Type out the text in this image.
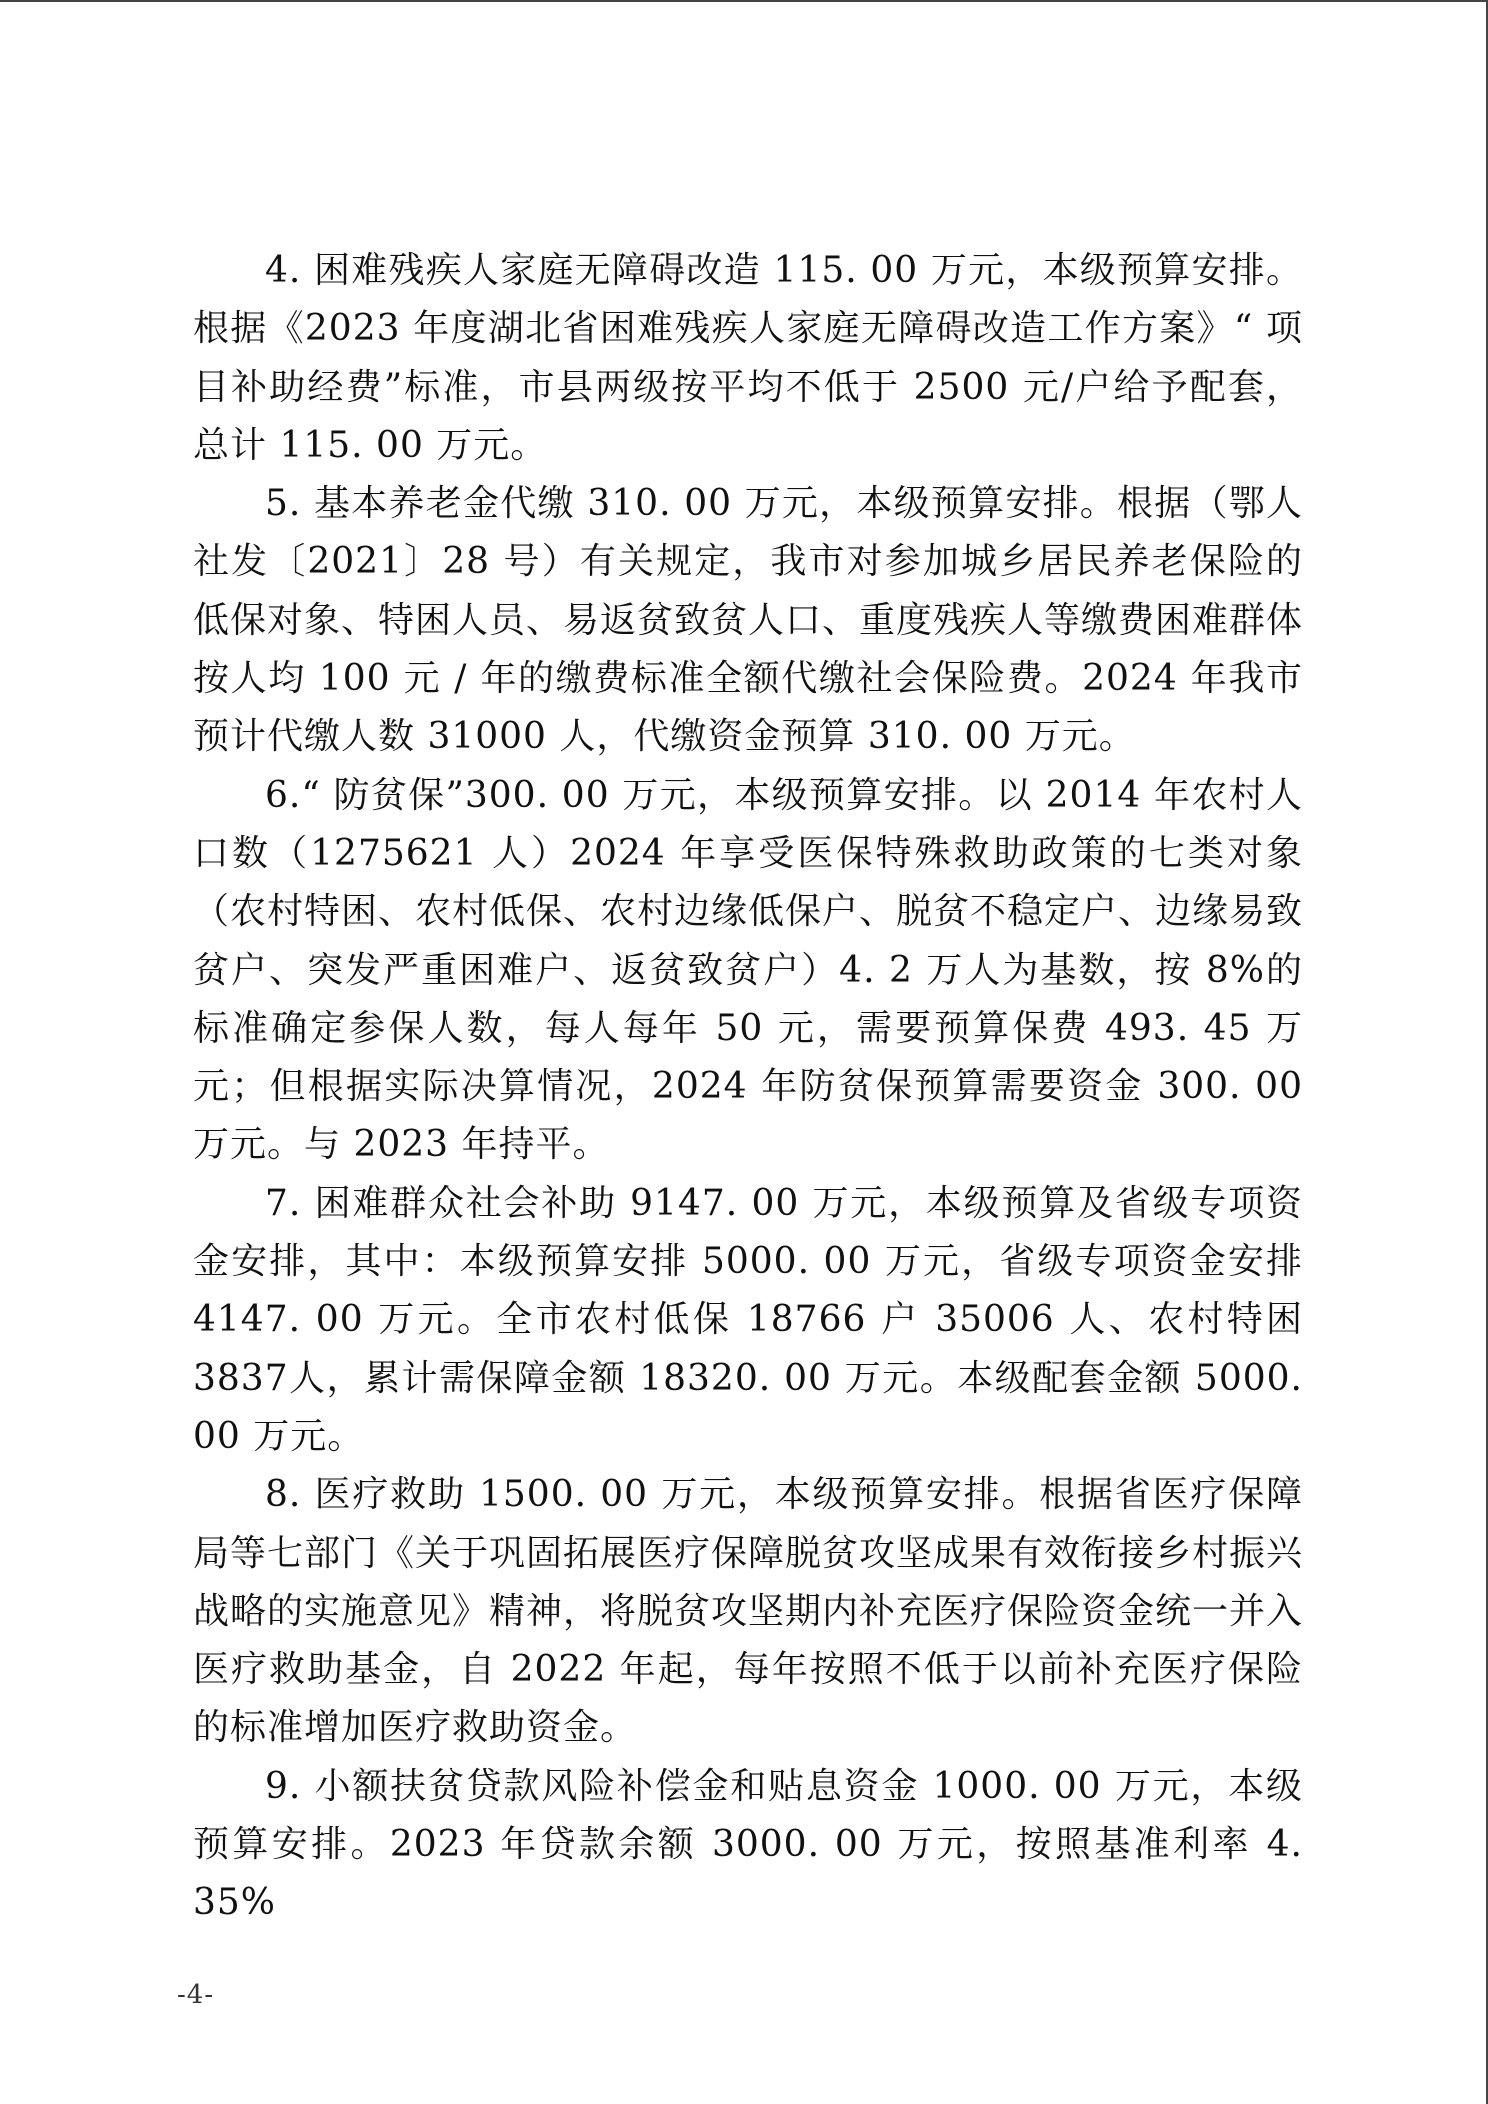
4. 困难残疾人家庭无障碍改造 115. 00 万元，本级预算安排。根据《2023 年度湖北省困难残疾人家庭无障碍改造工作方案》“ 项目补助经费”标准，市县两级按平均不低于 2500 元/户给予配套，总计 115. 00 万元。

5. 基本养老金代缴 310. 00 万元，本级预算安排。根据（鄂人社发〔2021〕28 号）有关规定，我市对参加城乡居民养老保险的低保对象、特困人员、易返贫致贫人口、重度残疾人等缴费困难群体按人均 100 元 / 年的缴费标准全额代缴社会保险费。2024 年我市预计代缴人数 31000 人，代缴资金预算 310. 00 万元。

6.“ 防贫保”300. 00 万元，本级预算安排。以 2014 年农村人口数（1275621 人）2024 年享受医保特殊救助政策的七类对象（农村特困、农村低保、农村边缘低保户、脱贫不稳定户、边缘易致贫户、突发严重困难户、返贫致贫户）4. 2 万人为基数，按 8%的标准确定参保人数，每人每年 50 元，需要预算保费 493. 45 万元；但根据实际决算情况，2024 年防贫保预算需要资金 300. 00 万元。与 2023 年持平。

7. 困难群众社会补助 9147. 00 万元，本级预算及省级专项资金安排，其中：本级预算安排 5000. 00 万元，省级专项资金安排 4147. 00 万元。全市农村低保 18766 户 35006 人、农村特困 3837人，累计需保障金额 18320. 00 万元。本级配套金额 5000. 00 万元。

8. 医疗救助 1500. 00 万元，本级预算安排。根据省医疗保障局等七部门《关于巩固拓展医疗保障脱贫攻坚成果有效衔接乡村振兴战略的实施意见》精神，将脱贫攻坚期内补充医疗保险资金统一并入医疗救助基金，自 2022 年起，每年按照不低于以前补充医疗保险的标准增加医疗救助资金。

9. 小额扶贫贷款风险补偿金和贴息资金 1000. 00 万元，本级预算安排。2023 年贷款余额 3000. 00 万元，按照基准利率 4. 35%

-4-
